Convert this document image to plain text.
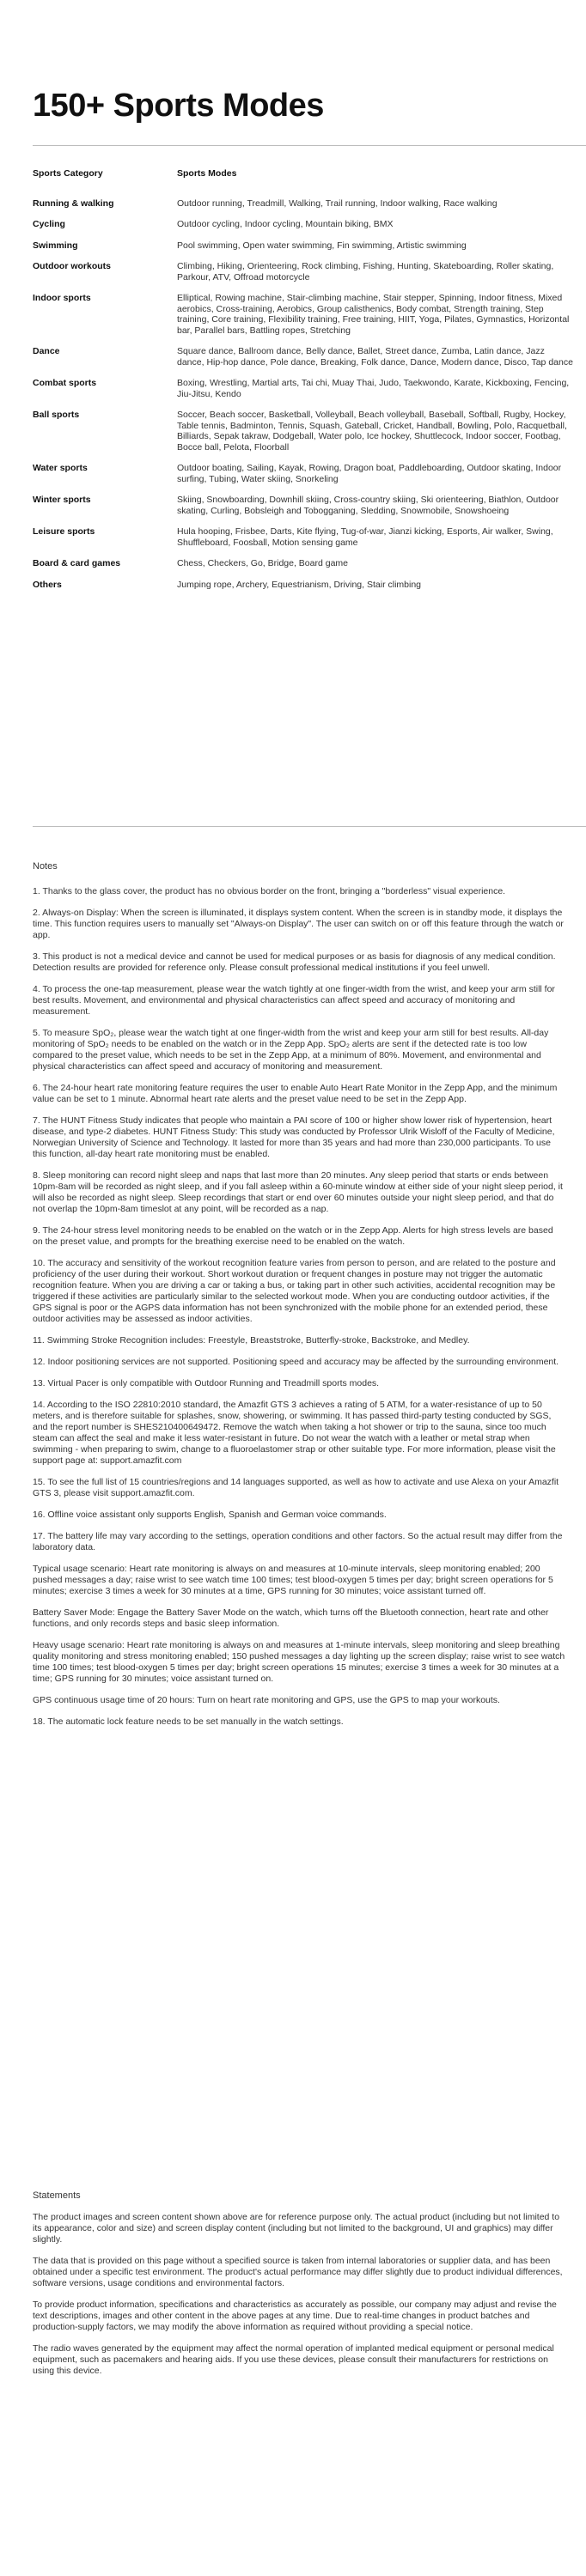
150+ Sports Modes
Sports Category	Sports Modes
Running & walking	Outdoor running, Treadmill, Walking, Trail running, Indoor walking, Race walking
Cycling	Outdoor cycling, Indoor cycling, Mountain biking, BMX
Swimming	Pool swimming, Open water swimming, Fin swimming, Artistic swimming
Outdoor workouts	Climbing, Hiking, Orienteering, Rock climbing, Fishing, Hunting, Skateboarding, Roller skating, Parkour, ATV, Offroad motorcycle
Indoor sports	Elliptical, Rowing machine, Stair-climbing machine, Stair stepper, Spinning, Indoor fitness, Mixed aerobics, Cross-training, Aerobics, Group calisthenics, Body combat, Strength training, Step training, Core training, Flexibility training, Free training, HIIT, Yoga, Pilates, Gymnastics, Horizontal bar, Parallel bars, Battling ropes, Stretching
Dance	Square dance, Ballroom dance, Belly dance, Ballet, Street dance, Zumba, Latin dance, Jazz dance, Hip-hop dance, Pole dance, Breaking, Folk dance, Dance, Modern dance, Disco, Tap dance
Combat sports	Boxing, Wrestling, Martial arts, Tai chi, Muay Thai, Judo, Taekwondo, Karate, Kickboxing, Fencing, Jiu-Jitsu, Kendo
Ball sports	Soccer, Beach soccer, Basketball, Volleyball, Beach volleyball, Baseball, Softball, Rugby, Hockey, Table tennis, Badminton, Tennis, Squash, Gateball, Cricket, Handball, Bowling, Polo, Racquetball, Billiards, Sepak takraw, Dodgeball, Water polo, Ice hockey, Shuttlecock, Indoor soccer, Footbag, Bocce ball, Pelota, Floorball
Water sports	Outdoor boating, Sailing, Kayak, Rowing, Dragon boat, Paddleboarding, Outdoor skating, Indoor surfing, Tubing, Water skiing, Snorkeling
Winter sports	Skiing, Snowboarding, Downhill skiing, Cross-country skiing, Ski orienteering, Biathlon, Outdoor skating, Curling, Bobsleigh and Tobogganing, Sledding, Snowmobile, Snowshoeing
Leisure sports	Hula hooping, Frisbee, Darts, Kite flying, Tug-of-war, Jianzi kicking, Esports, Air walker, Swing, Shuffleboard, Foosball, Motion sensing game
Board & card games	Chess, Checkers, Go, Bridge, Board game
Others	Jumping rope, Archery, Equestrianism, Driving, Stair climbing

Notes

1. Thanks to the glass cover, the product has no obvious border on the front, bringing a "borderless" visual experience.

2. Always-on Display: When the screen is illuminated, it displays system content. When the screen is in standby mode, it displays the time. This function requires users to manually set "Always-on Display". The user can switch on or off this feature through the watch or app.

3. This product is not a medical device and cannot be used for medical purposes or as basis for diagnosis of any medical condition. Detection results are provided for reference only. Please consult professional medical institutions if you feel unwell.

4. To process the one-tap measurement, please wear the watch tightly at one finger-width from the wrist, and keep your arm still for best results. Movement, and environmental and physical characteristics can affect speed and accuracy of monitoring and measurement.

5. To measure SpO₂, please wear the watch tight at one finger-width from the wrist and keep your arm still for best results. All-day monitoring of SpO₂ needs to be enabled on the watch or in the Zepp App. SpO₂ alerts are sent if the detected rate is too low compared to the preset value, which needs to be set in the Zepp App, at a minimum of 80%. Movement, and environmental and physical characteristics can affect speed and accuracy of monitoring and measurement.

6. The 24-hour heart rate monitoring feature requires the user to enable Auto Heart Rate Monitor in the Zepp App, and the minimum value can be set to 1 minute. Abnormal heart rate alerts and the preset value need to be set in the Zepp App.

7. The HUNT Fitness Study indicates that people who maintain a PAI score of 100 or higher show lower risk of hypertension, heart disease, and type-2 diabetes. HUNT Fitness Study: This study was conducted by Professor Ulrik Wisloff of the Faculty of Medicine, Norwegian University of Science and Technology. It lasted for more than 35 years and had more than 230,000 participants. To use this function, all-day heart rate monitoring must be enabled.

8. Sleep monitoring can record night sleep and naps that last more than 20 minutes. Any sleep period that starts or ends between 10pm-8am will be recorded as night sleep, and if you fall asleep within a 60-minute window at either side of your night sleep period, it will also be recorded as night sleep. Sleep recordings that start or end over 60 minutes outside your night sleep period, and that do not overlap the 10pm-8am timeslot at any point, will be recorded as a nap.

9. The 24-hour stress level monitoring needs to be enabled on the watch or in the Zepp App. Alerts for high stress levels are based on the preset value, and prompts for the breathing exercise need to be enabled on the watch.

10. The accuracy and sensitivity of the workout recognition feature varies from person to person, and are related to the posture and proficiency of the user during their workout. Short workout duration or frequent changes in posture may not trigger the automatic recognition feature. When you are driving a car or taking a bus, or taking part in other such activities, accidental recognition may be triggered if these activities are particularly similar to the selected workout mode. When you are conducting outdoor activities, if the GPS signal is poor or the AGPS data information has not been synchronized with the mobile phone for an extended period, these outdoor activities may be assessed as indoor activities.

11. Swimming Stroke Recognition includes: Freestyle, Breaststroke, Butterfly-stroke, Backstroke, and Medley.

12. Indoor positioning services are not supported. Positioning speed and accuracy may be affected by the surrounding environment.

13. Virtual Pacer is only compatible with Outdoor Running and Treadmill sports modes.

14. According to the ISO 22810:2010 standard, the Amazfit GTS 3 achieves a rating of 5 ATM, for a water-resistance of up to 50 meters, and is therefore suitable for splashes, snow, showering, or swimming. It has passed third-party testing conducted by SGS, and the report number is SHES210400649472. Remove the watch when taking a hot shower or trip to the sauna, since too much steam can affect the seal and make it less water-resistant in future. Do not wear the watch with a leather or metal strap when swimming - when preparing to swim, change to a fluoroelastomer strap or other suitable type. For more information, please visit the support page at: support.amazfit.com

15. To see the full list of 15 countries/regions and 14 languages supported, as well as how to activate and use Alexa on your Amazfit GTS 3, please visit support.amazfit.com.

16. Offline voice assistant only supports English, Spanish and German voice commands.

17. The battery life may vary according to the settings, operation conditions and other factors. So the actual result may differ from the laboratory data.

Typical usage scenario: Heart rate monitoring is always on and measures at 10-minute intervals, sleep monitoring enabled; 200 pushed messages a day; raise wrist to see watch time 100 times; test blood-oxygen 5 times per day; bright screen operations for 5 minutes; exercise 3 times a week for 30 minutes at a time, GPS running for 30 minutes; voice assistant turned off.

Battery Saver Mode: Engage the Battery Saver Mode on the watch, which turns off the Bluetooth connection, heart rate and other functions, and only records steps and basic sleep information.

Heavy usage scenario: Heart rate monitoring is always on and measures at 1-minute intervals, sleep monitoring and sleep breathing quality monitoring and stress monitoring enabled; 150 pushed messages a day lighting up the screen display; raise wrist to see watch time 100 times; test blood-oxygen 5 times per day; bright screen operations 15 minutes; exercise 3 times a week for 30 minutes at a time; GPS running for 30 minutes; voice assistant turned on.

GPS continuous usage time of 20 hours: Turn on heart rate monitoring and GPS, use the GPS to map your workouts.

18. The automatic lock feature needs to be set manually in the watch settings.

Statements

The product images and screen content shown above are for reference purpose only. The actual product (including but not limited to its appearance, color and size) and screen display content (including but not limited to the background, UI and graphics) may differ slightly.

The data that is provided on this page without a specified source is taken from internal laboratories or supplier data, and has been obtained under a specific test environment. The product's actual performance may differ slightly due to product individual differences, software versions, usage conditions and environmental factors.

To provide product information, specifications and characteristics as accurately as possible, our company may adjust and revise the text descriptions, images and other content in the above pages at any time. Due to real-time changes in product batches and production-supply factors, we may modify the above information as required without providing a special notice.

The radio waves generated by the equipment may affect the normal operation of implanted medical equipment or personal medical equipment, such as pacemakers and hearing aids. If you use these devices, please consult their manufacturers for restrictions on using this device.
